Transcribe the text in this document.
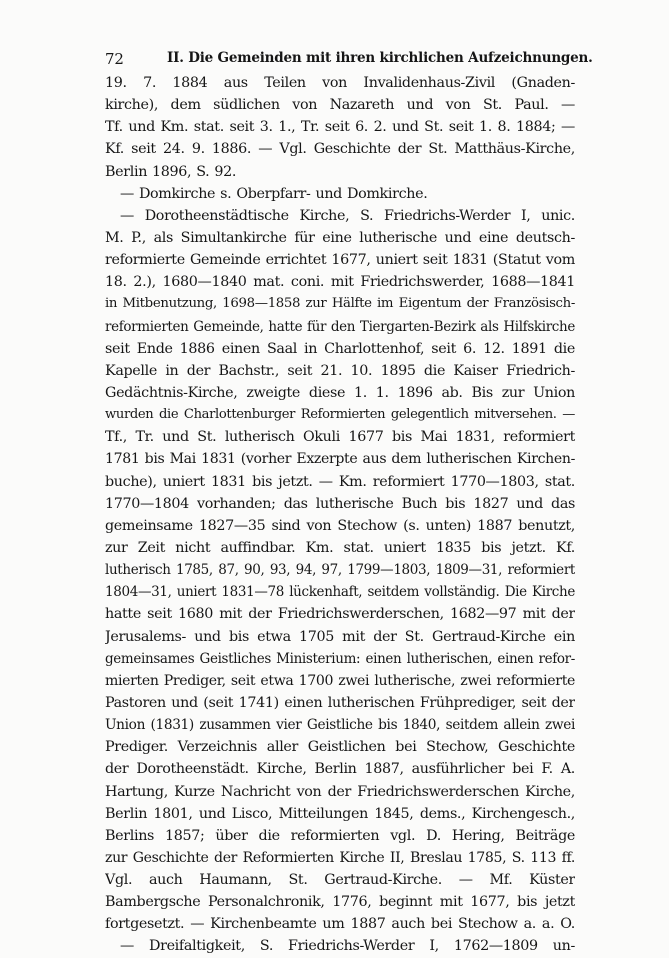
72	II. Die Gemeinden mit ihren kirchlichen Aufzeichnungen.
19. 7. 1884 aus Teilen von Invalidenhaus-Zivil (Gnaden-
kirche), dem südlichen von Nazareth und von St. Paul. —
Tf. und Km. stat. seit 3. 1., Tr. seit 6. 2. und St. seit 1. 8. 1884; —
Kf. seit 24. 9. 1886. — Vgl. Geschichte der St. Matthäus-Kirche,
Berlin 1896, S. 92.
— Domkirche s. Oberpfarr- und Domkirche.
— Dorotheenstädtische Kirche, S. Friedrichs-Werder I, unic.
M. P., als Simultankirche für eine lutherische und eine deutsch-
reformierte Gemeinde errichtet 1677, uniert seit 1831 (Statut vom
18. 2.), 1680—1840 mat. coni. mit Friedrichswerder, 1688—1841
in Mitbenutzung, 1698—1858 zur Hälfte im Eigentum der Französisch-
reformierten Gemeinde, hatte für den Tiergarten-Bezirk als Hilfskirche
seit Ende 1886 einen Saal in Charlottenhof, seit 6. 12. 1891 die
Kapelle in der Bachstr., seit 21. 10. 1895 die Kaiser Friedrich-
Gedächtnis-Kirche, zweigte diese 1. 1. 1896 ab. Bis zur Union
wurden die Charlottenburger Reformierten gelegentlich mitversehen. —
Tf., Tr. und St. lutherisch Okuli 1677 bis Mai 1831, reformiert
1781 bis Mai 1831 (vorher Exzerpte aus dem lutherischen Kirchen-
buche), uniert 1831 bis jetzt. — Km. reformiert 1770—1803, stat.
1770—1804 vorhanden; das lutherische Buch bis 1827 und das
gemeinsame 1827—35 sind von Stechow (s. unten) 1887 benutzt,
zur Zeit nicht auffindbar. Km. stat. uniert 1835 bis jetzt. Kf.
lutherisch 1785, 87, 90, 93, 94, 97, 1799—1803, 1809—31, reformiert
1804—31, uniert 1831—78 lückenhaft, seitdem vollständig. Die Kirche
hatte seit 1680 mit der Friedrichswerderschen, 1682—97 mit der
Jerusalems- und bis etwa 1705 mit der St. Gertraud-Kirche ein
gemeinsames Geistliches Ministerium: einen lutherischen, einen refor-
mierten Prediger, seit etwa 1700 zwei lutherische, zwei reformierte
Pastoren und (seit 1741) einen lutherischen Frühprediger, seit der
Union (1831) zusammen vier Geistliche bis 1840, seitdem allein zwei
Prediger. Verzeichnis aller Geistlichen bei Stechow, Geschichte
der Dorotheenstädt. Kirche, Berlin 1887, ausführlicher bei F. A.
Hartung, Kurze Nachricht von der Friedrichswerderschen Kirche,
Berlin 1801, und Lisco, Mitteilungen 1845, dems., Kirchengesch.,
Berlins 1857; über die reformierten vgl. D. Hering, Beiträge
zur Geschichte der Reformierten Kirche II, Breslau 1785, S. 113 ff.
Vgl. auch Haumann, St. Gertraud-Kirche. — Mf. Küster
Bambergsche Personalchronik, 1776, beginnt mit 1677, bis jetzt
fortgesetzt. — Kirchenbeamte um 1887 auch bei Stechow a. a. O.
— Dreifaltigkeit, S. Friedrichs-Werder I, 1762—1809 un-
